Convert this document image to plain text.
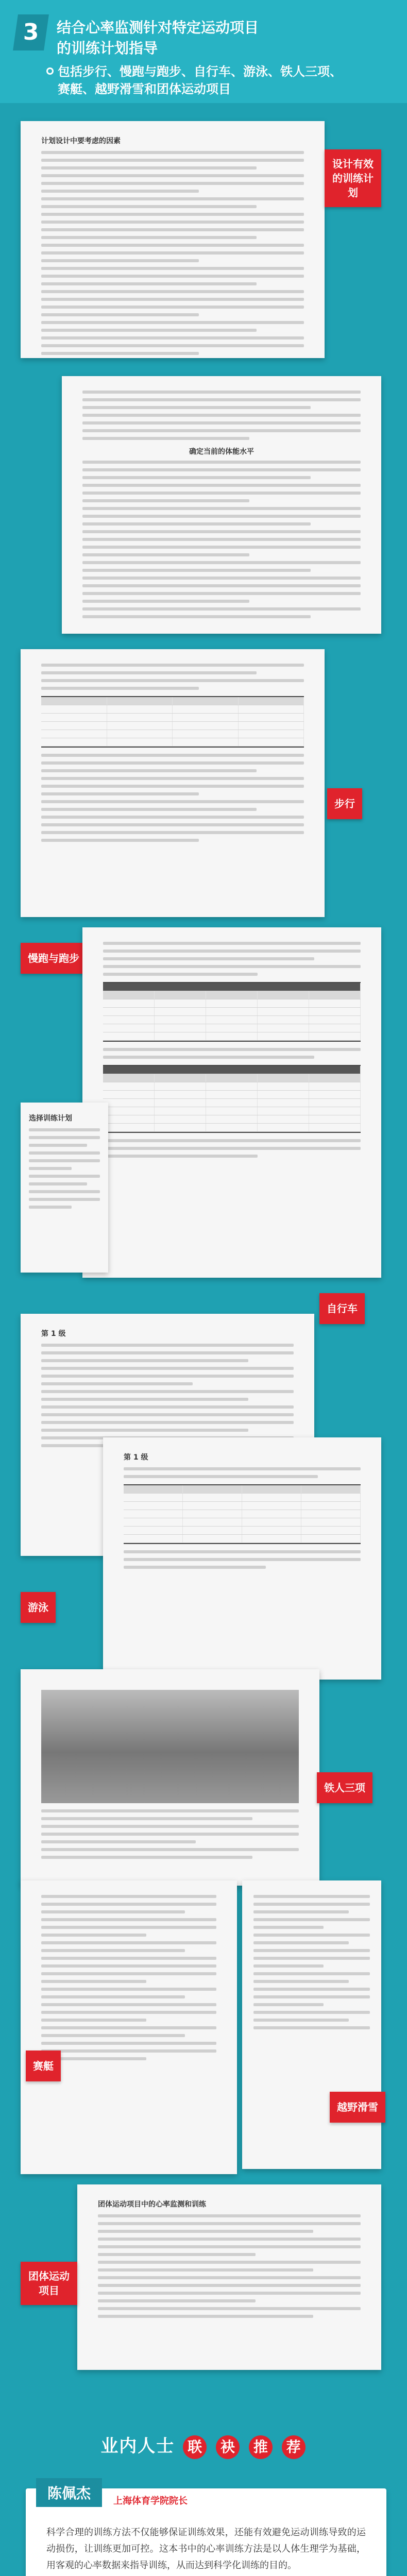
3	结合心率监测针对特定运动项目
的训练计划指导
包括步行、慢跑与跑步、自行车、游泳、铁人三项、
赛艇、越野滑雪和团体运动项目
计划设计中要考虑的因素
设计有效的训练计划
确定当前的体能水平
步行
慢跑与跑步
选择训练计划
自行车
第 1 级
第 1 级
游泳
铁人三项
赛艇
越野滑雪
团体运动项目中的心率监测和训练
团体运动项目
业内人士 联 袂 推 荐
陈佩杰	上海体育学院院长
科学合理的训练方法不仅能够保证训练效果，还能有效避免运动训练导致的运动损伤，让训练更加可控。这本书中的心率训练方法是以人体生理学为基础，用客观的心率数据来指导训练，从而达到科学化训练的目的。
